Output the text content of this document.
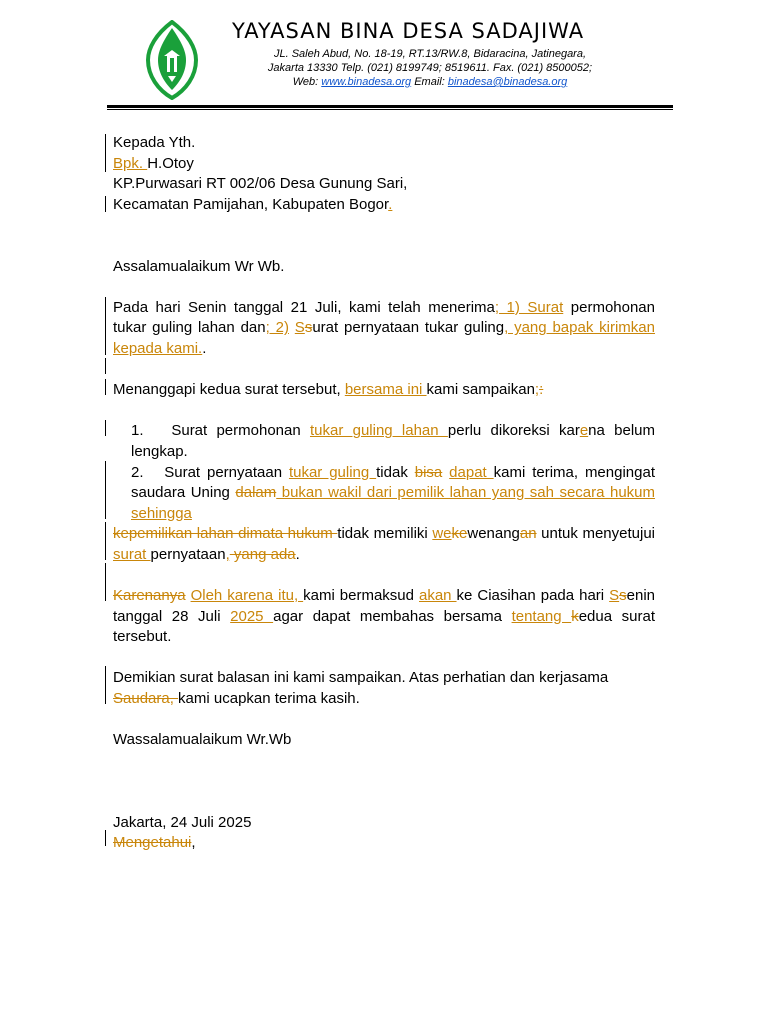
YAYASAN BINA DESA SADAJIWA
JL. Saleh Abud, No. 18-19, RT.13/RW.8, Bidaracina, Jatinegara,
Jakarta 13330 Telp. (021) 8199749; 8519611. Fax. (021) 8500052;
Web: www.binadesa.org Email: binadesa@binadesa.org

Kepada Yth.

Bpk. H.Otoy

KP.Purwasari RT 002/06 Desa Gunung Sari,

Kecamatan Pamijahan, Kabupaten Bogor.

Assalamualaikum Wr Wb.

Pada hari Senin tanggal 21 Juli, kami telah menerima; 1) Surat permohonan tukar guling lahan dan; 2) Ssurat pernyataan tukar guling, yang bapak kirimkan kepada kami..

Menanggapi kedua surat tersebut, bersama ini kami sampaikan;:

1. Surat permohonan tukar guling lahan perlu dikoreksi karena belum lengkap.

2. Surat pernyataan tukar guling tidak bisa dapat kami terima, mengingat saudara Uning dalam bukan wakil dari pemilik lahan yang sah secara hukum sehingga

kepemilikan lahan dimata hukum tidak memiliki wekewenangan untuk menyetujui surat pernyataan, yang ada.

Karenanya Oleh karena itu, kami bermaksud akan ke Ciasihan pada hari Ssenin tanggal 28 Juli 2025 agar dapat membahas bersama tentang kedua surat tersebut.

Demikian surat balasan ini kami sampaikan. Atas perhatian dan kerjasama Saudara, kami ucapkan terima kasih.

Wassalamualaikum Wr.Wb

Jakarta, 24 Juli 2025

Mengetahui,
